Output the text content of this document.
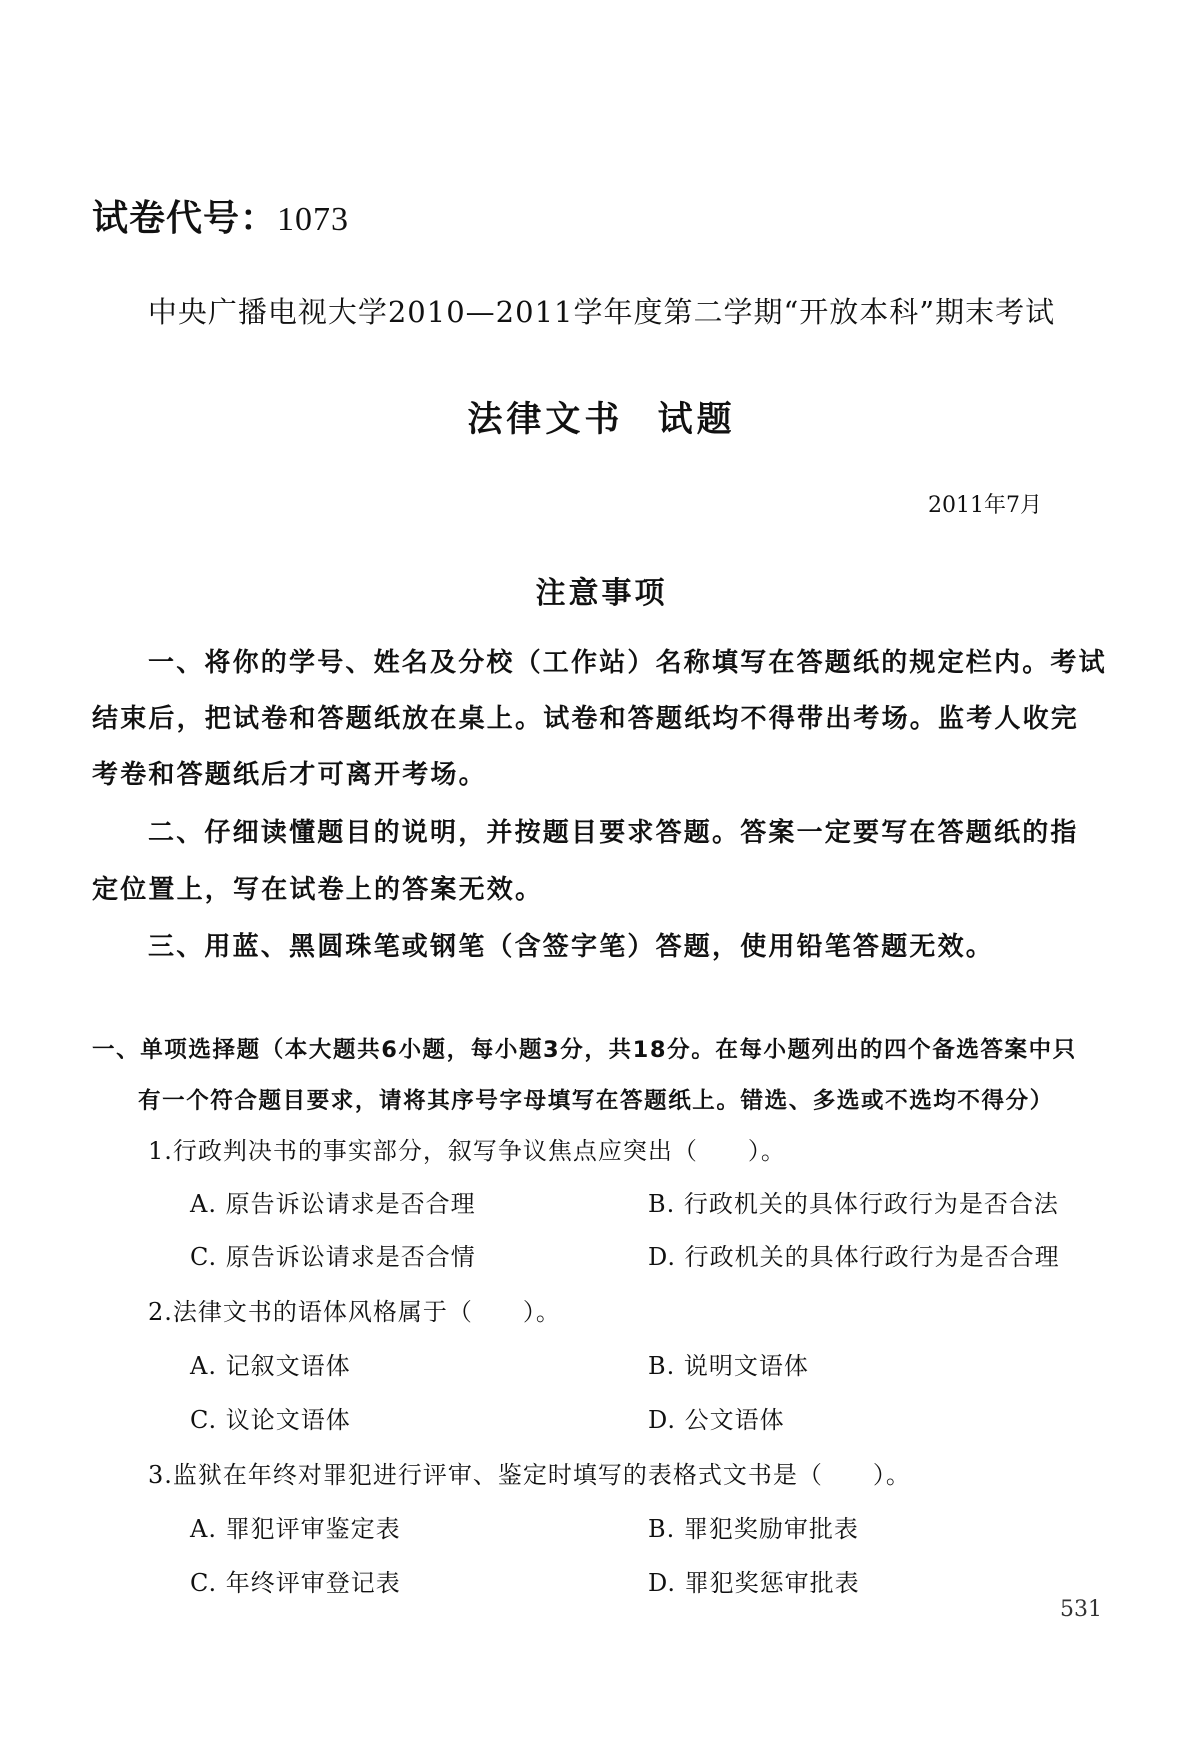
试卷代号：1073
中央广播电视大学2010—2011学年度第二学期“开放本科”期末考试
法律文书 试题
2011年7月
注意事项
一、将你的学号、姓名及分校（工作站）名称填写在答题纸的规定栏内。考试
结束后，把试卷和答题纸放在桌上。试卷和答题纸均不得带出考场。监考人收完
考卷和答题纸后才可离开考场。
二、仔细读懂题目的说明，并按题目要求答题。答案一定要写在答题纸的指
定位置上，写在试卷上的答案无效。
三、用蓝、黑圆珠笔或钢笔（含签字笔）答题，使用铅笔答题无效。
一、单项选择题（本大题共6小题，每小题3分，共18分。在每小题列出的四个备选答案中只
有一个符合题目要求，请将其序号字母填写在答题纸上。错选、多选或不选均不得分）
1.行政判决书的事实部分，叙写争议焦点应突出（　　）。
A. 原告诉讼请求是否合理	B. 行政机关的具体行政行为是否合法
C. 原告诉讼请求是否合情	D. 行政机关的具体行政行为是否合理
2.法律文书的语体风格属于（　　）。
A. 记叙文语体	B. 说明文语体
C. 议论文语体	D. 公文语体
3.监狱在年终对罪犯进行评审、鉴定时填写的表格式文书是（　　）。
A. 罪犯评审鉴定表	B. 罪犯奖励审批表
C. 年终评审登记表	D. 罪犯奖惩审批表
531
